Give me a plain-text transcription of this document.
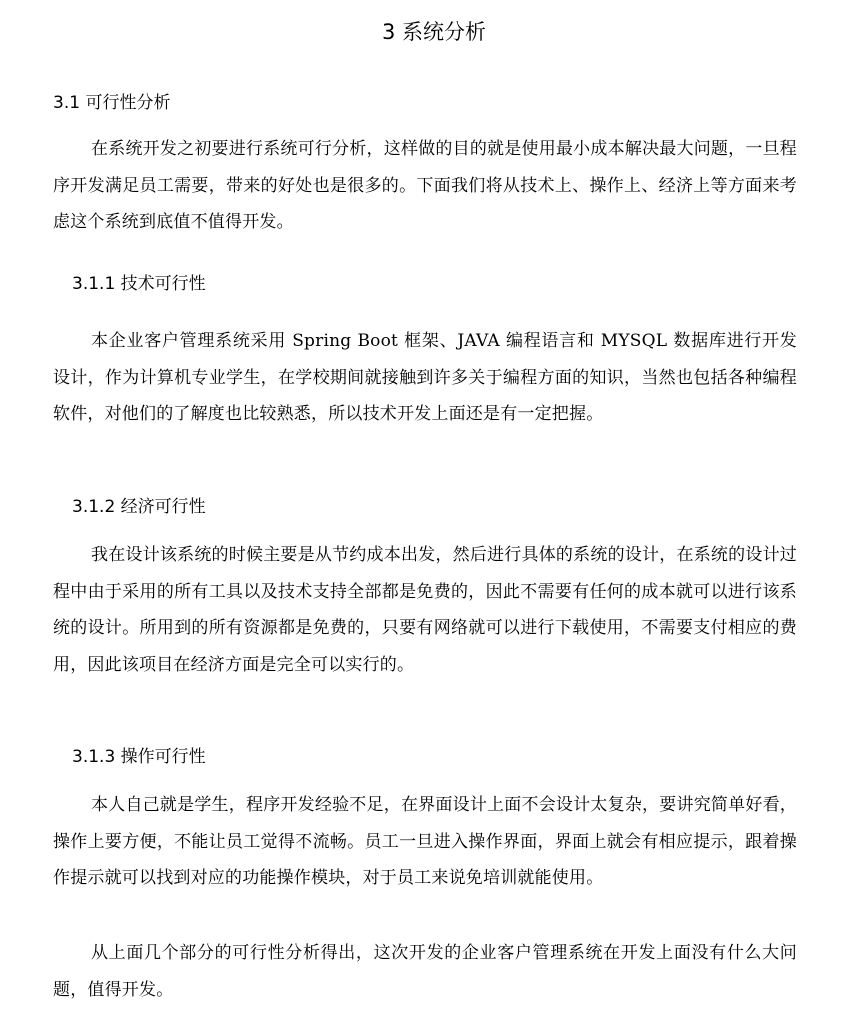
3 系统分析
3.1 可行性分析
在系统开发之初要进行系统可行分析，这样做的目的就是使用最小成本解决最大问题，一旦程序开发满足员工需要，带来的好处也是很多的。下面我们将从技术上、操作上、经济上等方面来考虑这个系统到底值不值得开发。
3.1.1 技术可行性
本企业客户管理系统采用 Spring Boot 框架、JAVA 编程语言和 MYSQL 数据库进行开发设计，作为计算机专业学生，在学校期间就接触到许多关于编程方面的知识，当然也包括各种编程软件，对他们的了解度也比较熟悉，所以技术开发上面还是有一定把握。
3.1.2 经济可行性
我在设计该系统的时候主要是从节约成本出发，然后进行具体的系统的设计，在系统的设计过程中由于采用的所有工具以及技术支持全部都是免费的，因此不需要有任何的成本就可以进行该系统的设计。所用到的所有资源都是免费的，只要有网络就可以进行下载使用，不需要支付相应的费用，因此该项目在经济方面是完全可以实行的。
3.1.3 操作可行性
本人自己就是学生，程序开发经验不足，在界面设计上面不会设计太复杂，要讲究简单好看，操作上要方便，不能让员工觉得不流畅。员工一旦进入操作界面，界面上就会有相应提示，跟着操作提示就可以找到对应的功能操作模块，对于员工来说免培训就能使用。
从上面几个部分的可行性分析得出，这次开发的企业客户管理系统在开发上面没有什么大问题，值得开发。
